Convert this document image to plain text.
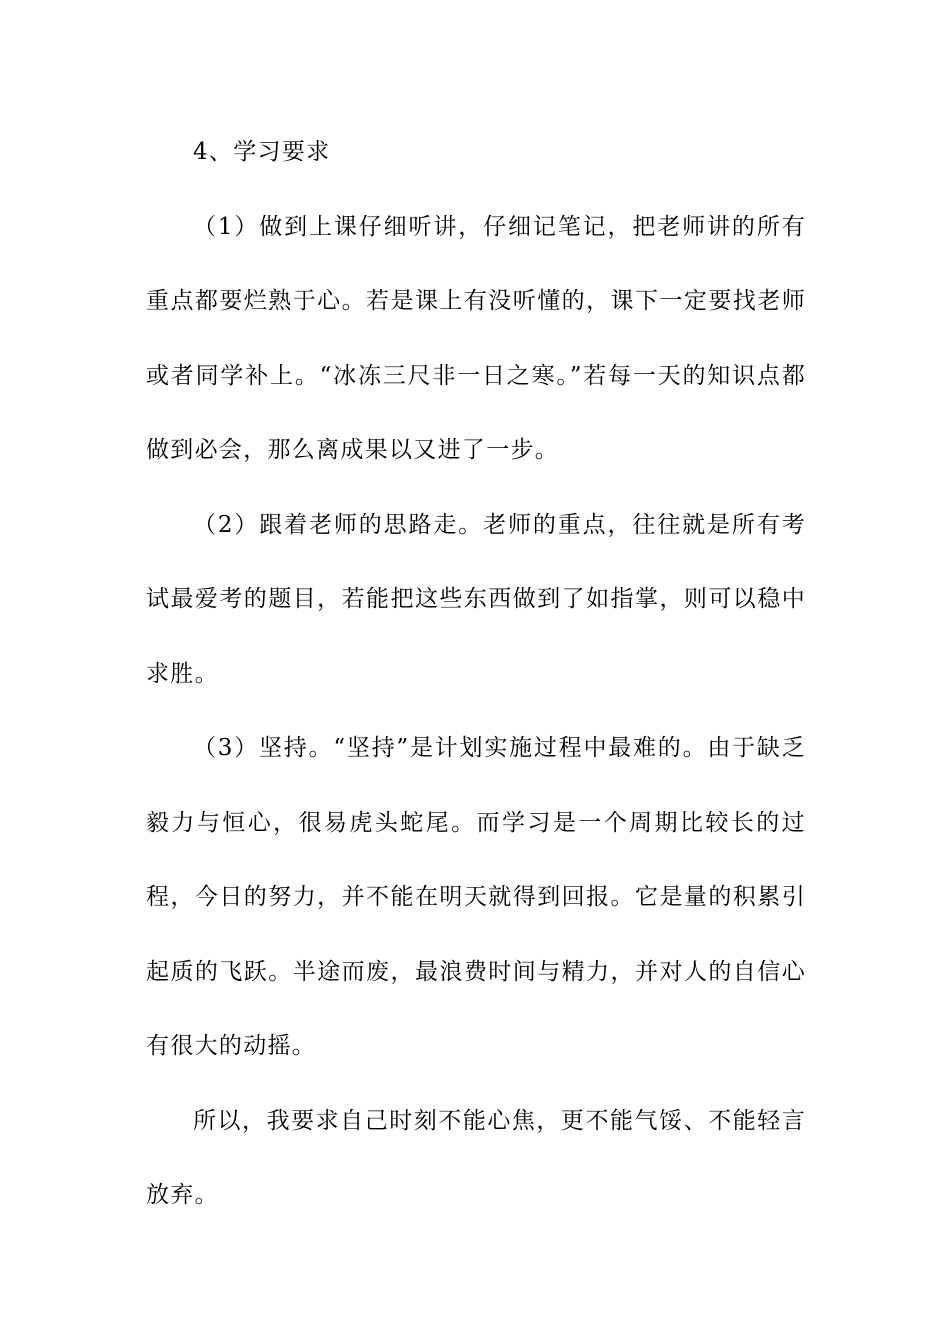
4、学习要求

（1）做到上课仔细听讲，仔细记笔记，把老师讲的所有重点都要烂熟于心。若是课上有没听懂的，课下一定要找老师或者同学补上。“冰冻三尺非一日之寒。”若每一天的知识点都做到必会，那么离成果以又进了一步。

（2）跟着老师的思路走。老师的重点，往往就是所有考试最爱考的题目，若能把这些东西做到了如指掌，则可以稳中求胜。

（3）坚持。“坚持”是计划实施过程中最难的。由于缺乏毅力与恒心，很易虎头蛇尾。而学习是一个周期比较长的过程，今日的努力，并不能在明天就得到回报。它是量的积累引起质的飞跃。半途而废，最浪费时间与精力，并对人的自信心有很大的动摇。

所以，我要求自己时刻不能心焦，更不能气馁、不能轻言放弃。
